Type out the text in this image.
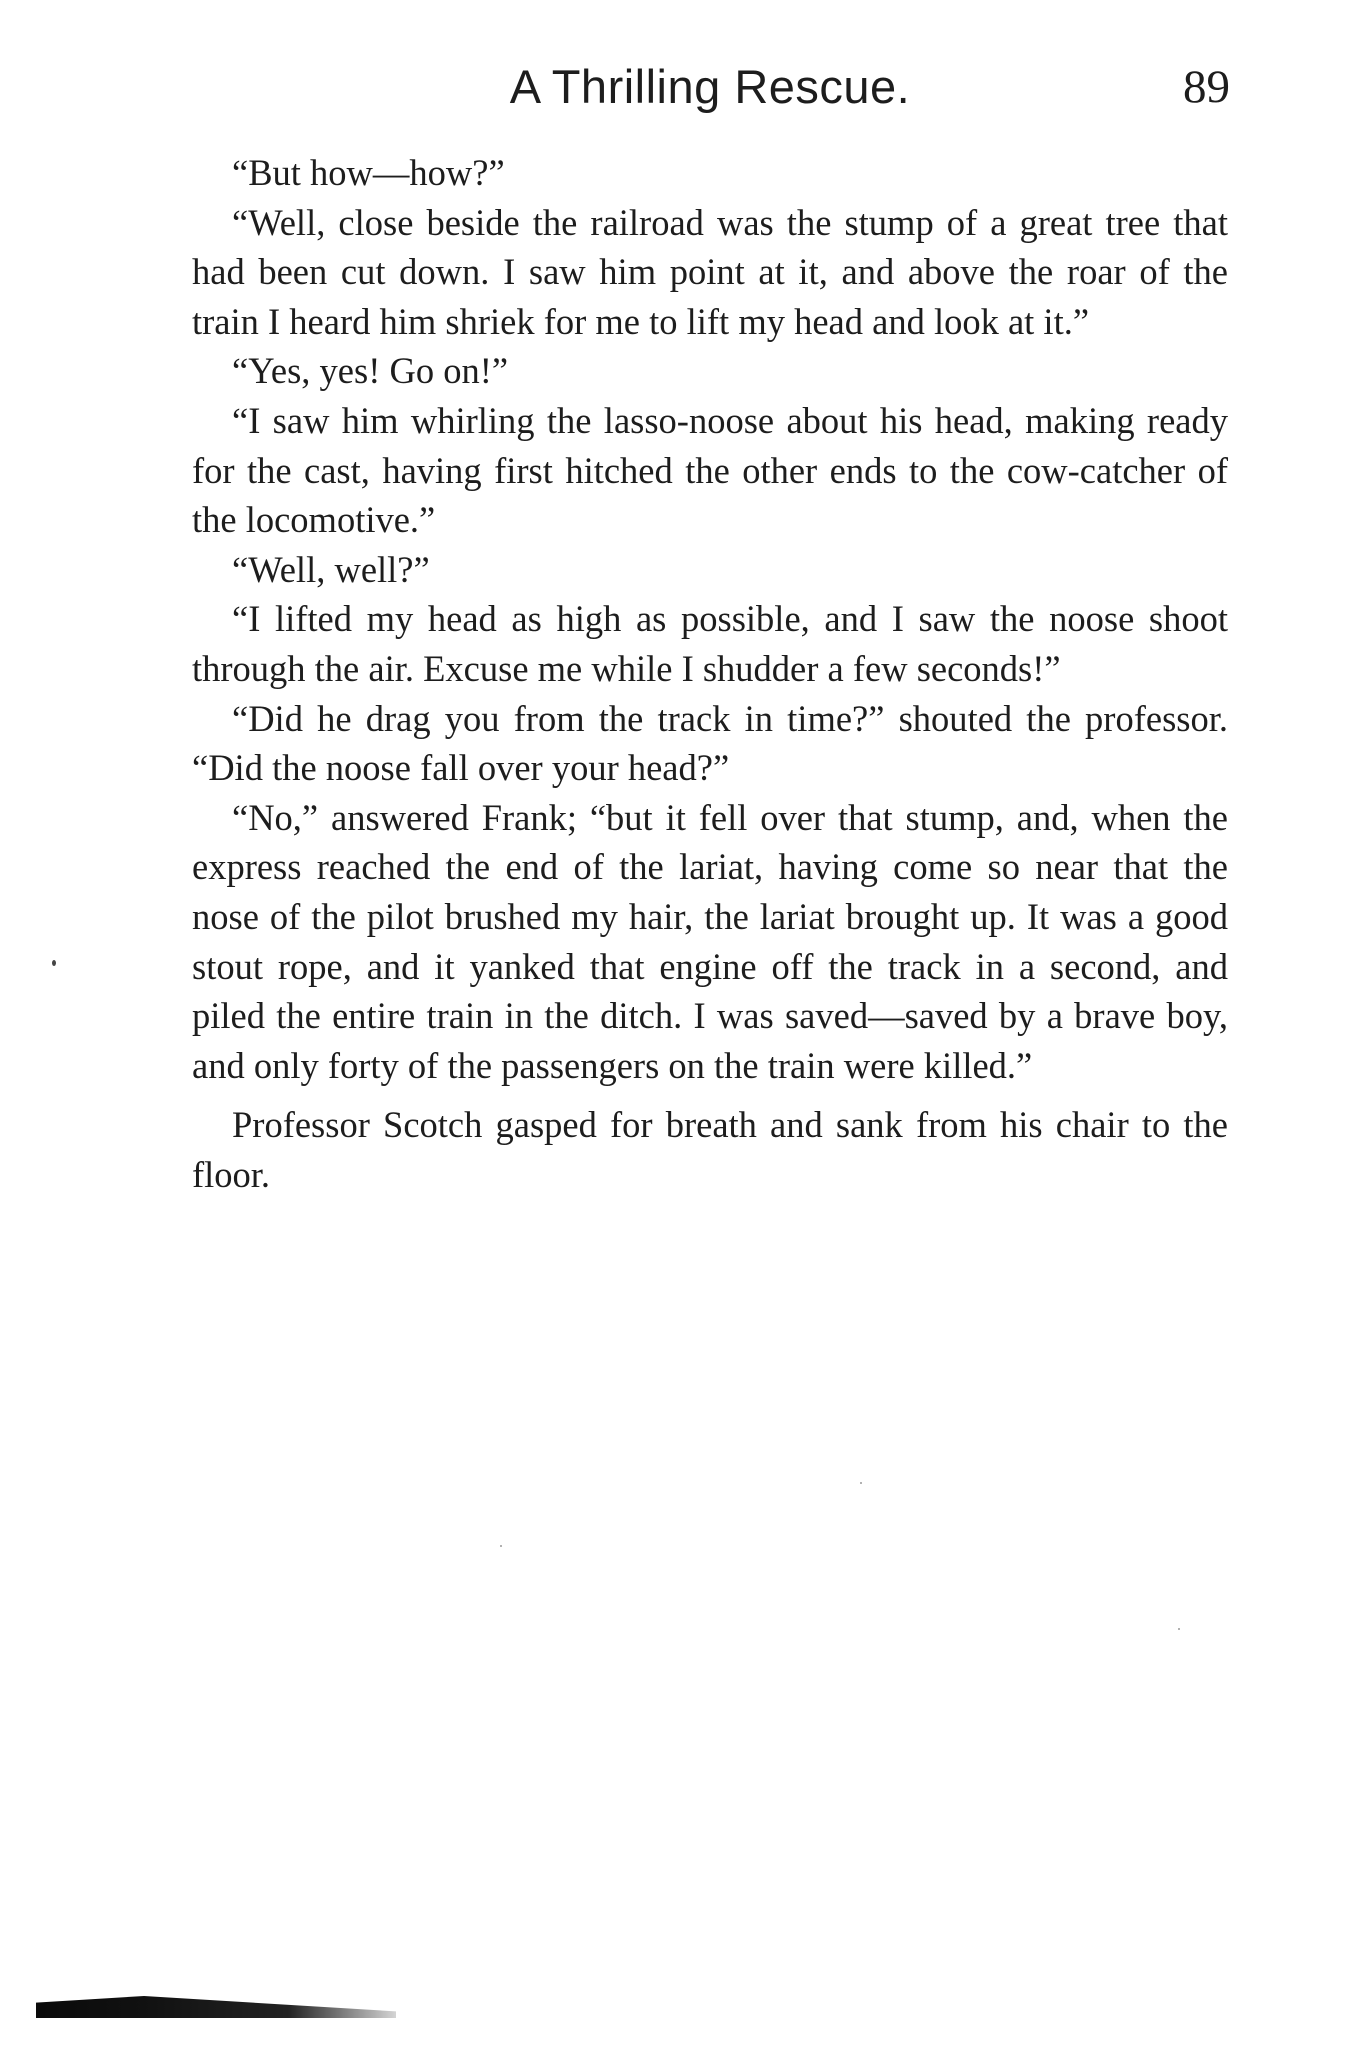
A Thrilling Rescue.	89

“But how—how?”

“Well, close beside the railroad was the stump of a great tree that had been cut down. I saw him point at it, and above the roar of the train I heard him shriek for me to lift my head and look at it.”

“Yes, yes! Go on!”

“I saw him whirling the lasso-noose about his head, making ready for the cast, having first hitched the other ends to the cow-catcher of the locomotive.”

“Well, well?”

“I lifted my head as high as possible, and I saw the noose shoot through the air. Excuse me while I shudder a few seconds!”

“Did he drag you from the track in time?” shouted the professor. “Did the noose fall over your head?”

“No,” answered Frank; “but it fell over that stump, and, when the express reached the end of the lariat, having come so near that the nose of the pilot brushed my hair, the lariat brought up. It was a good stout rope, and it yanked that engine off the track in a second, and piled the entire train in the ditch. I was saved—saved by a brave boy, and only forty of the passengers on the train were killed.”

Professor Scotch gasped for breath and sank from his chair to the floor.
